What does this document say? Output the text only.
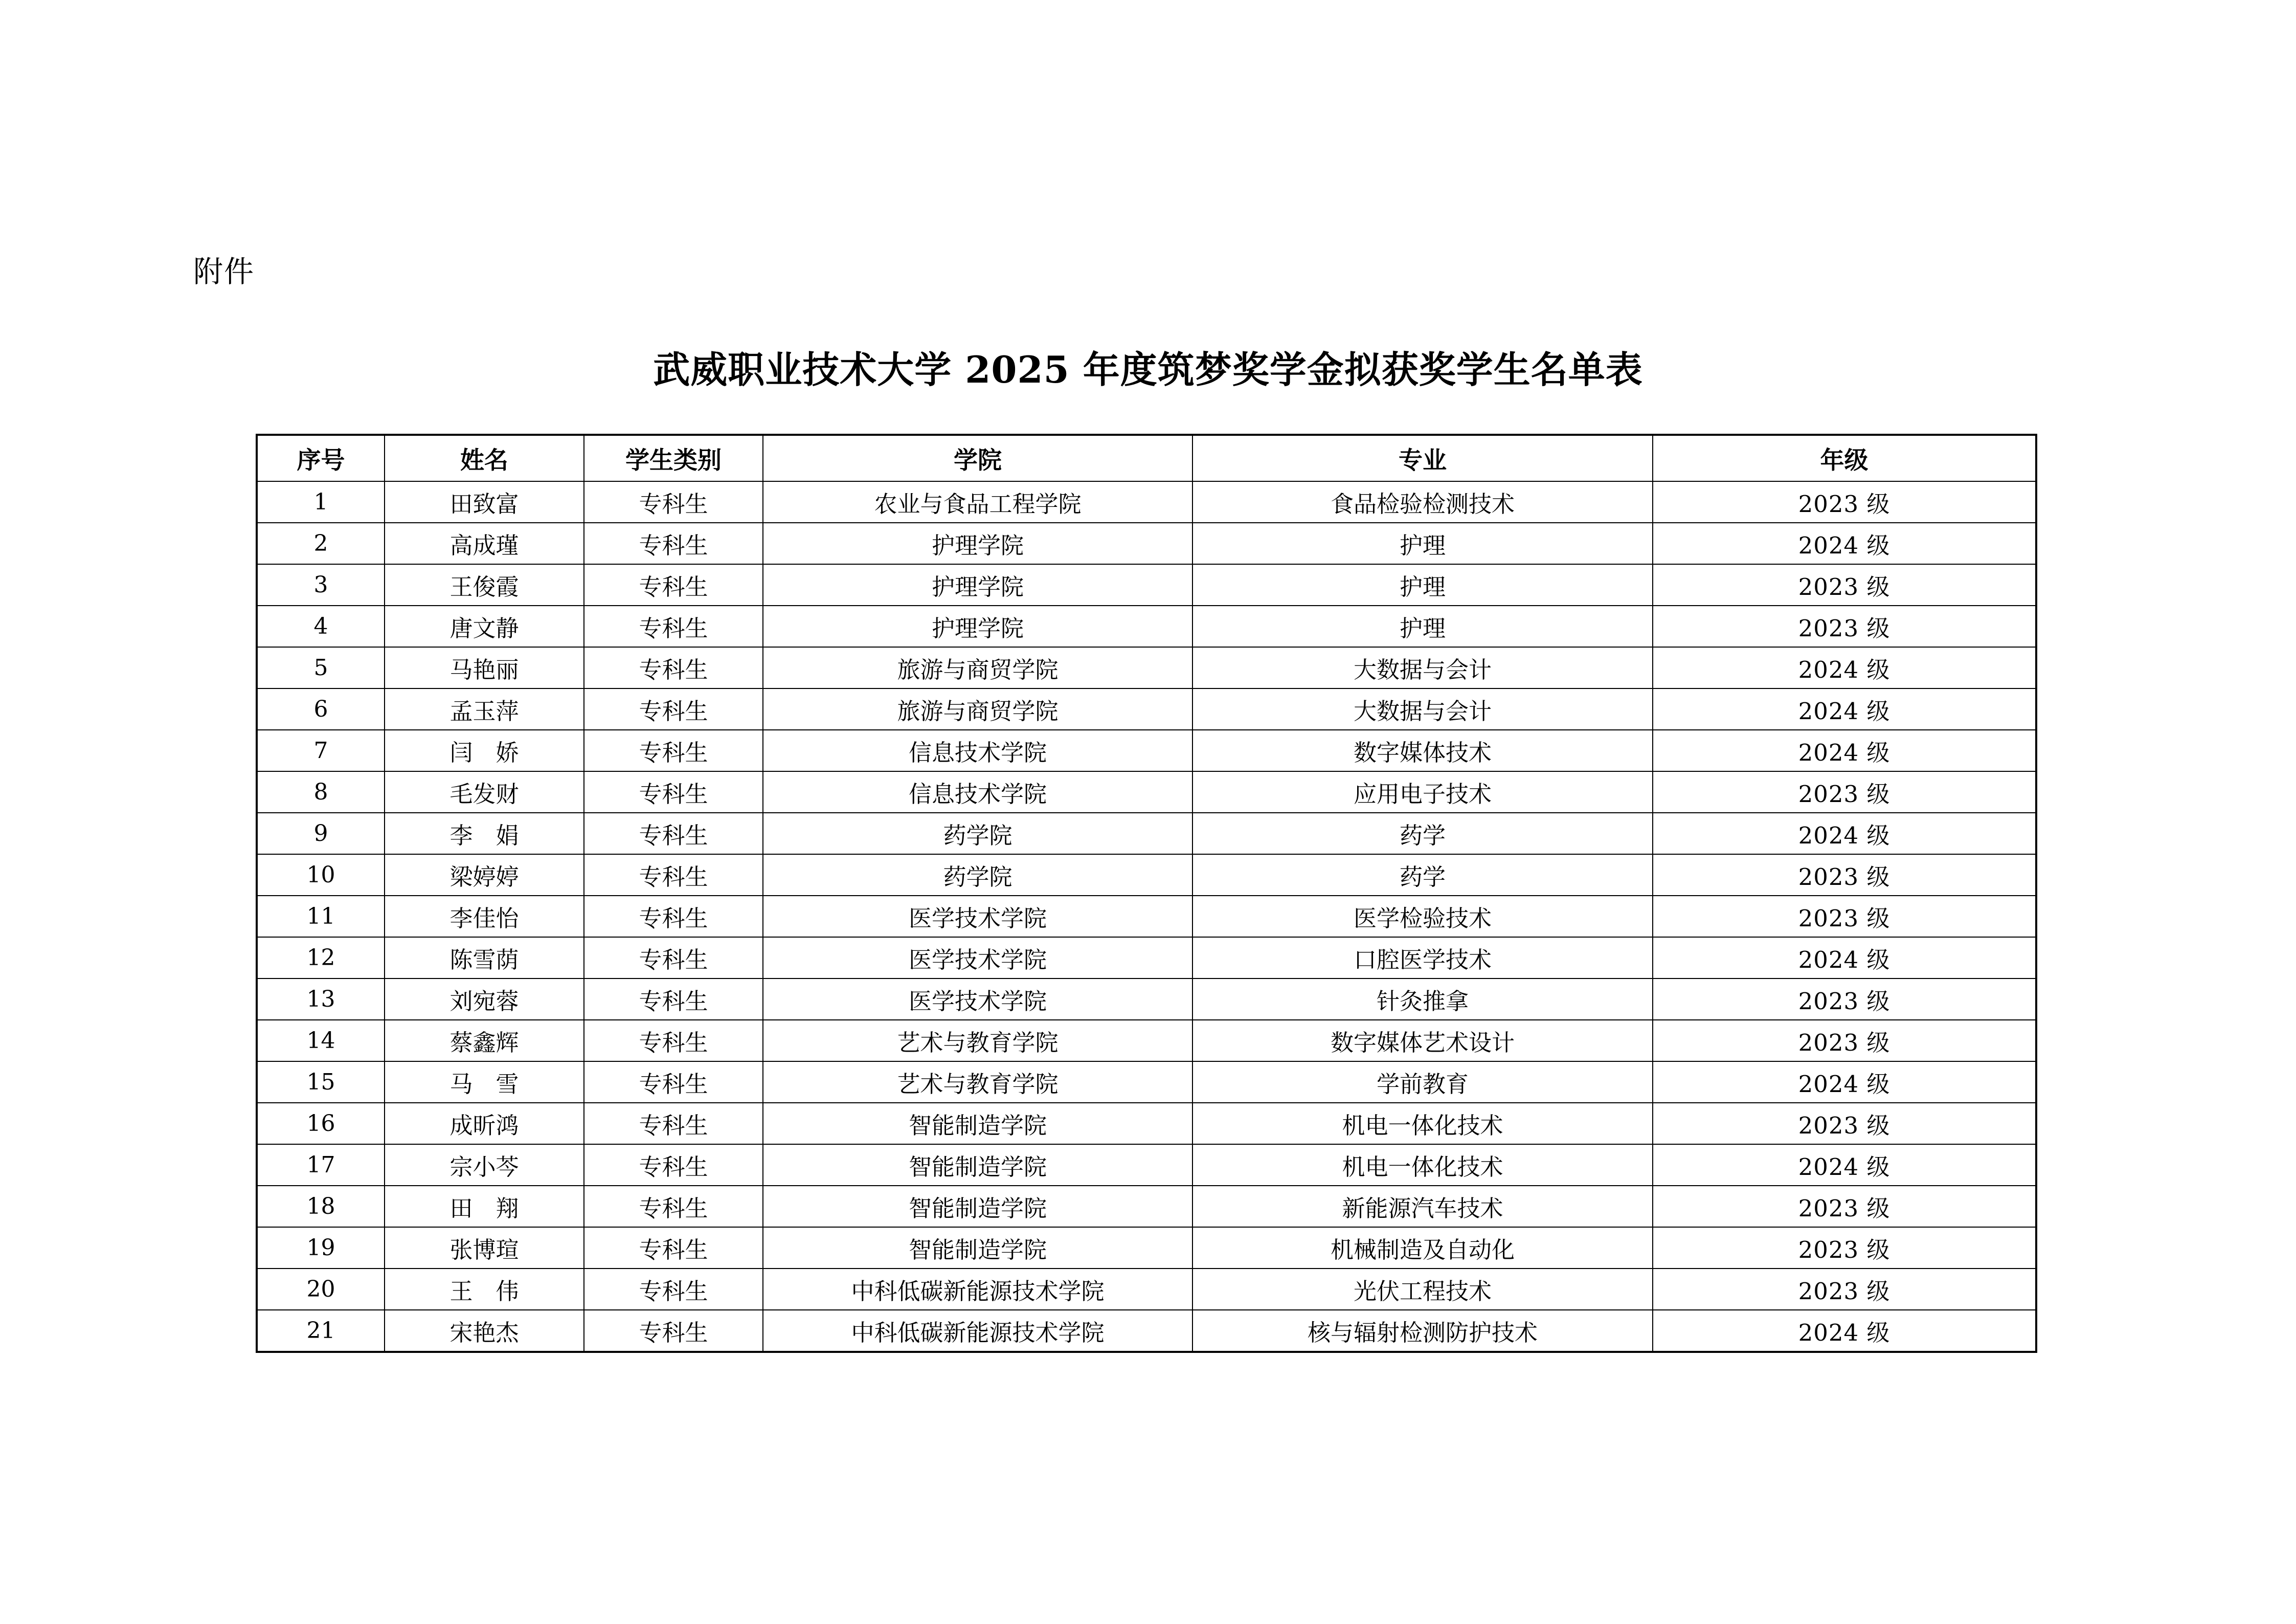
附件
武威职业技术大学 2025 年度筑梦奖学金拟获奖学生名单表
序号	姓名	学生类别	学院	专业	年级
1	田致富	专科生	农业与食品工程学院	食品检验检测技术	2023 级
2	高成瑾	专科生	护理学院	护理	2024 级
3	王俊霞	专科生	护理学院	护理	2023 级
4	唐文静	专科生	护理学院	护理	2023 级
5	马艳丽	专科生	旅游与商贸学院	大数据与会计	2024 级
6	孟玉萍	专科生	旅游与商贸学院	大数据与会计	2024 级
7	闫　娇	专科生	信息技术学院	数字媒体技术	2024 级
8	毛发财	专科生	信息技术学院	应用电子技术	2023 级
9	李　娟	专科生	药学院	药学	2024 级
10	梁婷婷	专科生	药学院	药学	2023 级
11	李佳怡	专科生	医学技术学院	医学检验技术	2023 级
12	陈雪荫	专科生	医学技术学院	口腔医学技术	2024 级
13	刘宛蓉	专科生	医学技术学院	针灸推拿	2023 级
14	蔡鑫辉	专科生	艺术与教育学院	数字媒体艺术设计	2023 级
15	马　雪	专科生	艺术与教育学院	学前教育	2024 级
16	成昕鸿	专科生	智能制造学院	机电一体化技术	2023 级
17	宗小芩	专科生	智能制造学院	机电一体化技术	2024 级
18	田　翔	专科生	智能制造学院	新能源汽车技术	2023 级
19	张博瑄	专科生	智能制造学院	机械制造及自动化	2023 级
20	王　伟	专科生	中科低碳新能源技术学院	光伏工程技术	2023 级
21	宋艳杰	专科生	中科低碳新能源技术学院	核与辐射检测防护技术	2024 级
